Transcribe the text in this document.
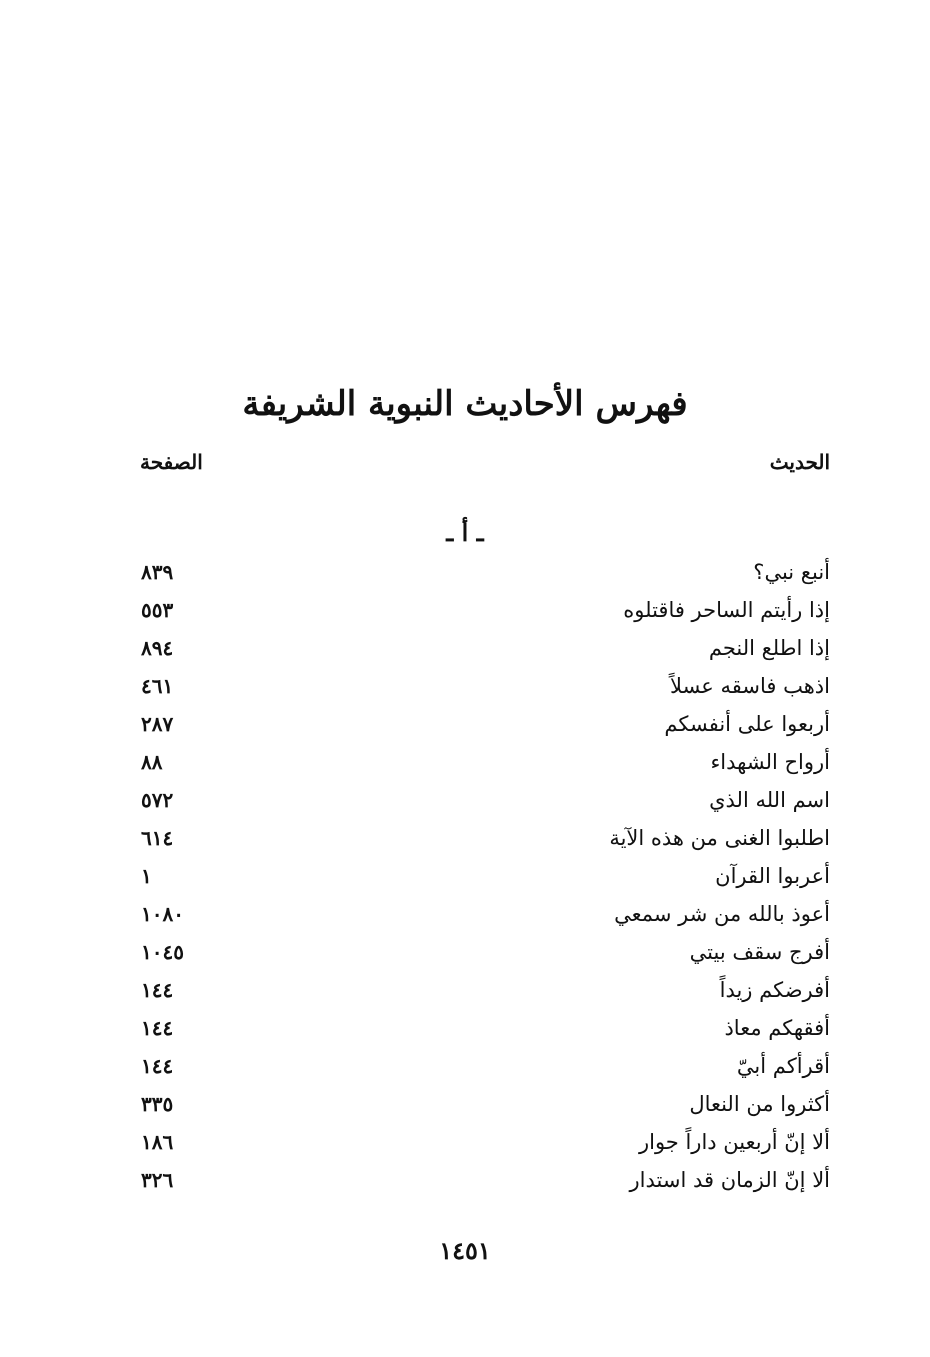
فهرس الأحاديث النبوية الشريفة
الحديث
الصفحة
ـ أ ـ
أنبع نبي؟
٨٣٩
إذا رأيتم الساحر فاقتلوه
٥٥٣
إذا اطلع النجم
٨٩٤
اذهب فاسقه عسلاً
٤٦١
أربعوا على أنفسكم
٢٨٧
أرواح الشهداء
٨٨
اسم الله الذي
٥٧٢
اطلبوا الغنى من هذه الآية
٦١٤
أعربوا القرآن
١
أعوذ بالله من شر سمعي
١٠٨٠
أفرج سقف بيتي
١٠٤٥
أفرضكم زيداً
١٤٤
أفقهكم معاذ
١٤٤
أقرأكم أبيّ
١٤٤
أكثروا من النعال
٣٣٥
ألا إنّ أربعين داراً جوار
١٨٦
ألا إنّ الزمان قد استدار
٣٢٦
١٤٥١
